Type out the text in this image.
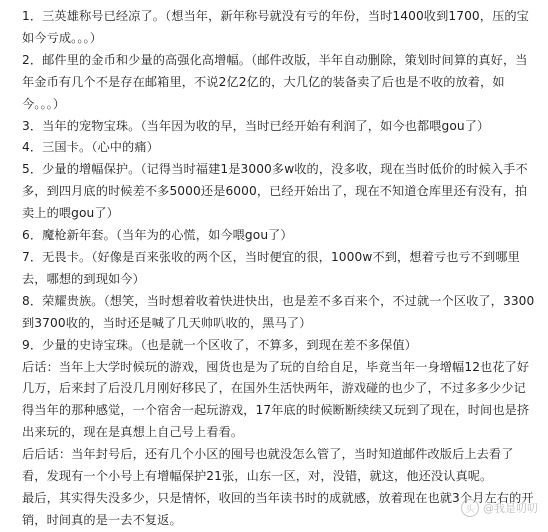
1．三英雄称号已经凉了。（想当年，新年称号就没有亏的年份，当时1400收到1700，压的宝如今亏成。。。）

2．邮件里的金币和少量的高强化高增幅。（邮件改版，半年自动删除，策划时间算的真好，当年金币有几个不是存在邮箱里，不说2亿2亿的，大几亿的装备卖了后也是不收的放着，如今。。。）

3．当年的宠物宝珠。（当年因为收的早，当时已经开始有利润了，如今也都喂gou了）

4．三国卡。（心中的痛）

5．少量的增幅保护。（记得当时福建1是3000多w收的，没多收，现在当时低价的时候入手不多，到四月底的时候差不多5000还是6000，已经开始出了，现在不知道仓库里还有没有，拍卖上的喂gou了）

6．魔枪新年套。（当年为的心慌，如今喂gou了）

7．无畏卡。（好像是百来张收的两个区，当时便宜的很，1000w不到，想着亏也亏不到哪里去，哪想的到现如今）

8．荣耀贵族。（想笑，当时想着收着快进快出，也是差不多百来个，不过就一个区收了，3300到3700收的，当时还是喊了几天帅叭收的，黑马了）

9．少量的史诗宝珠。（也是就一个区收了，不算多，到现在差不多保值）

后话：当年上大学时候玩的游戏，囤货也是为了玩的自给自足，毕竟当年一身增幅12也花了好几万，后来封了后没几月刚好移民了，在国外生活快两年，游戏碰的也少了，不过多多少少记得当年的那种感觉，一个宿舍一起玩游戏，17年底的时候断断续续又玩到了现在，时间也是挤出来玩的，现在是真想上自己号上看看。

后后话：当年封号后，还有几个小区的囤号也就没怎么管了，当时知道邮件改版后上去看了看，发现有一个小号上有增幅保护21张，山东一区，对，没错，就这，他还没认真呢。

最后，其实得失没多少，只是情怀，收回的当年读书时的成就感，放着现在也就3个月左右的开销，时间真的是一去不复返。

头 @我是叨叨
